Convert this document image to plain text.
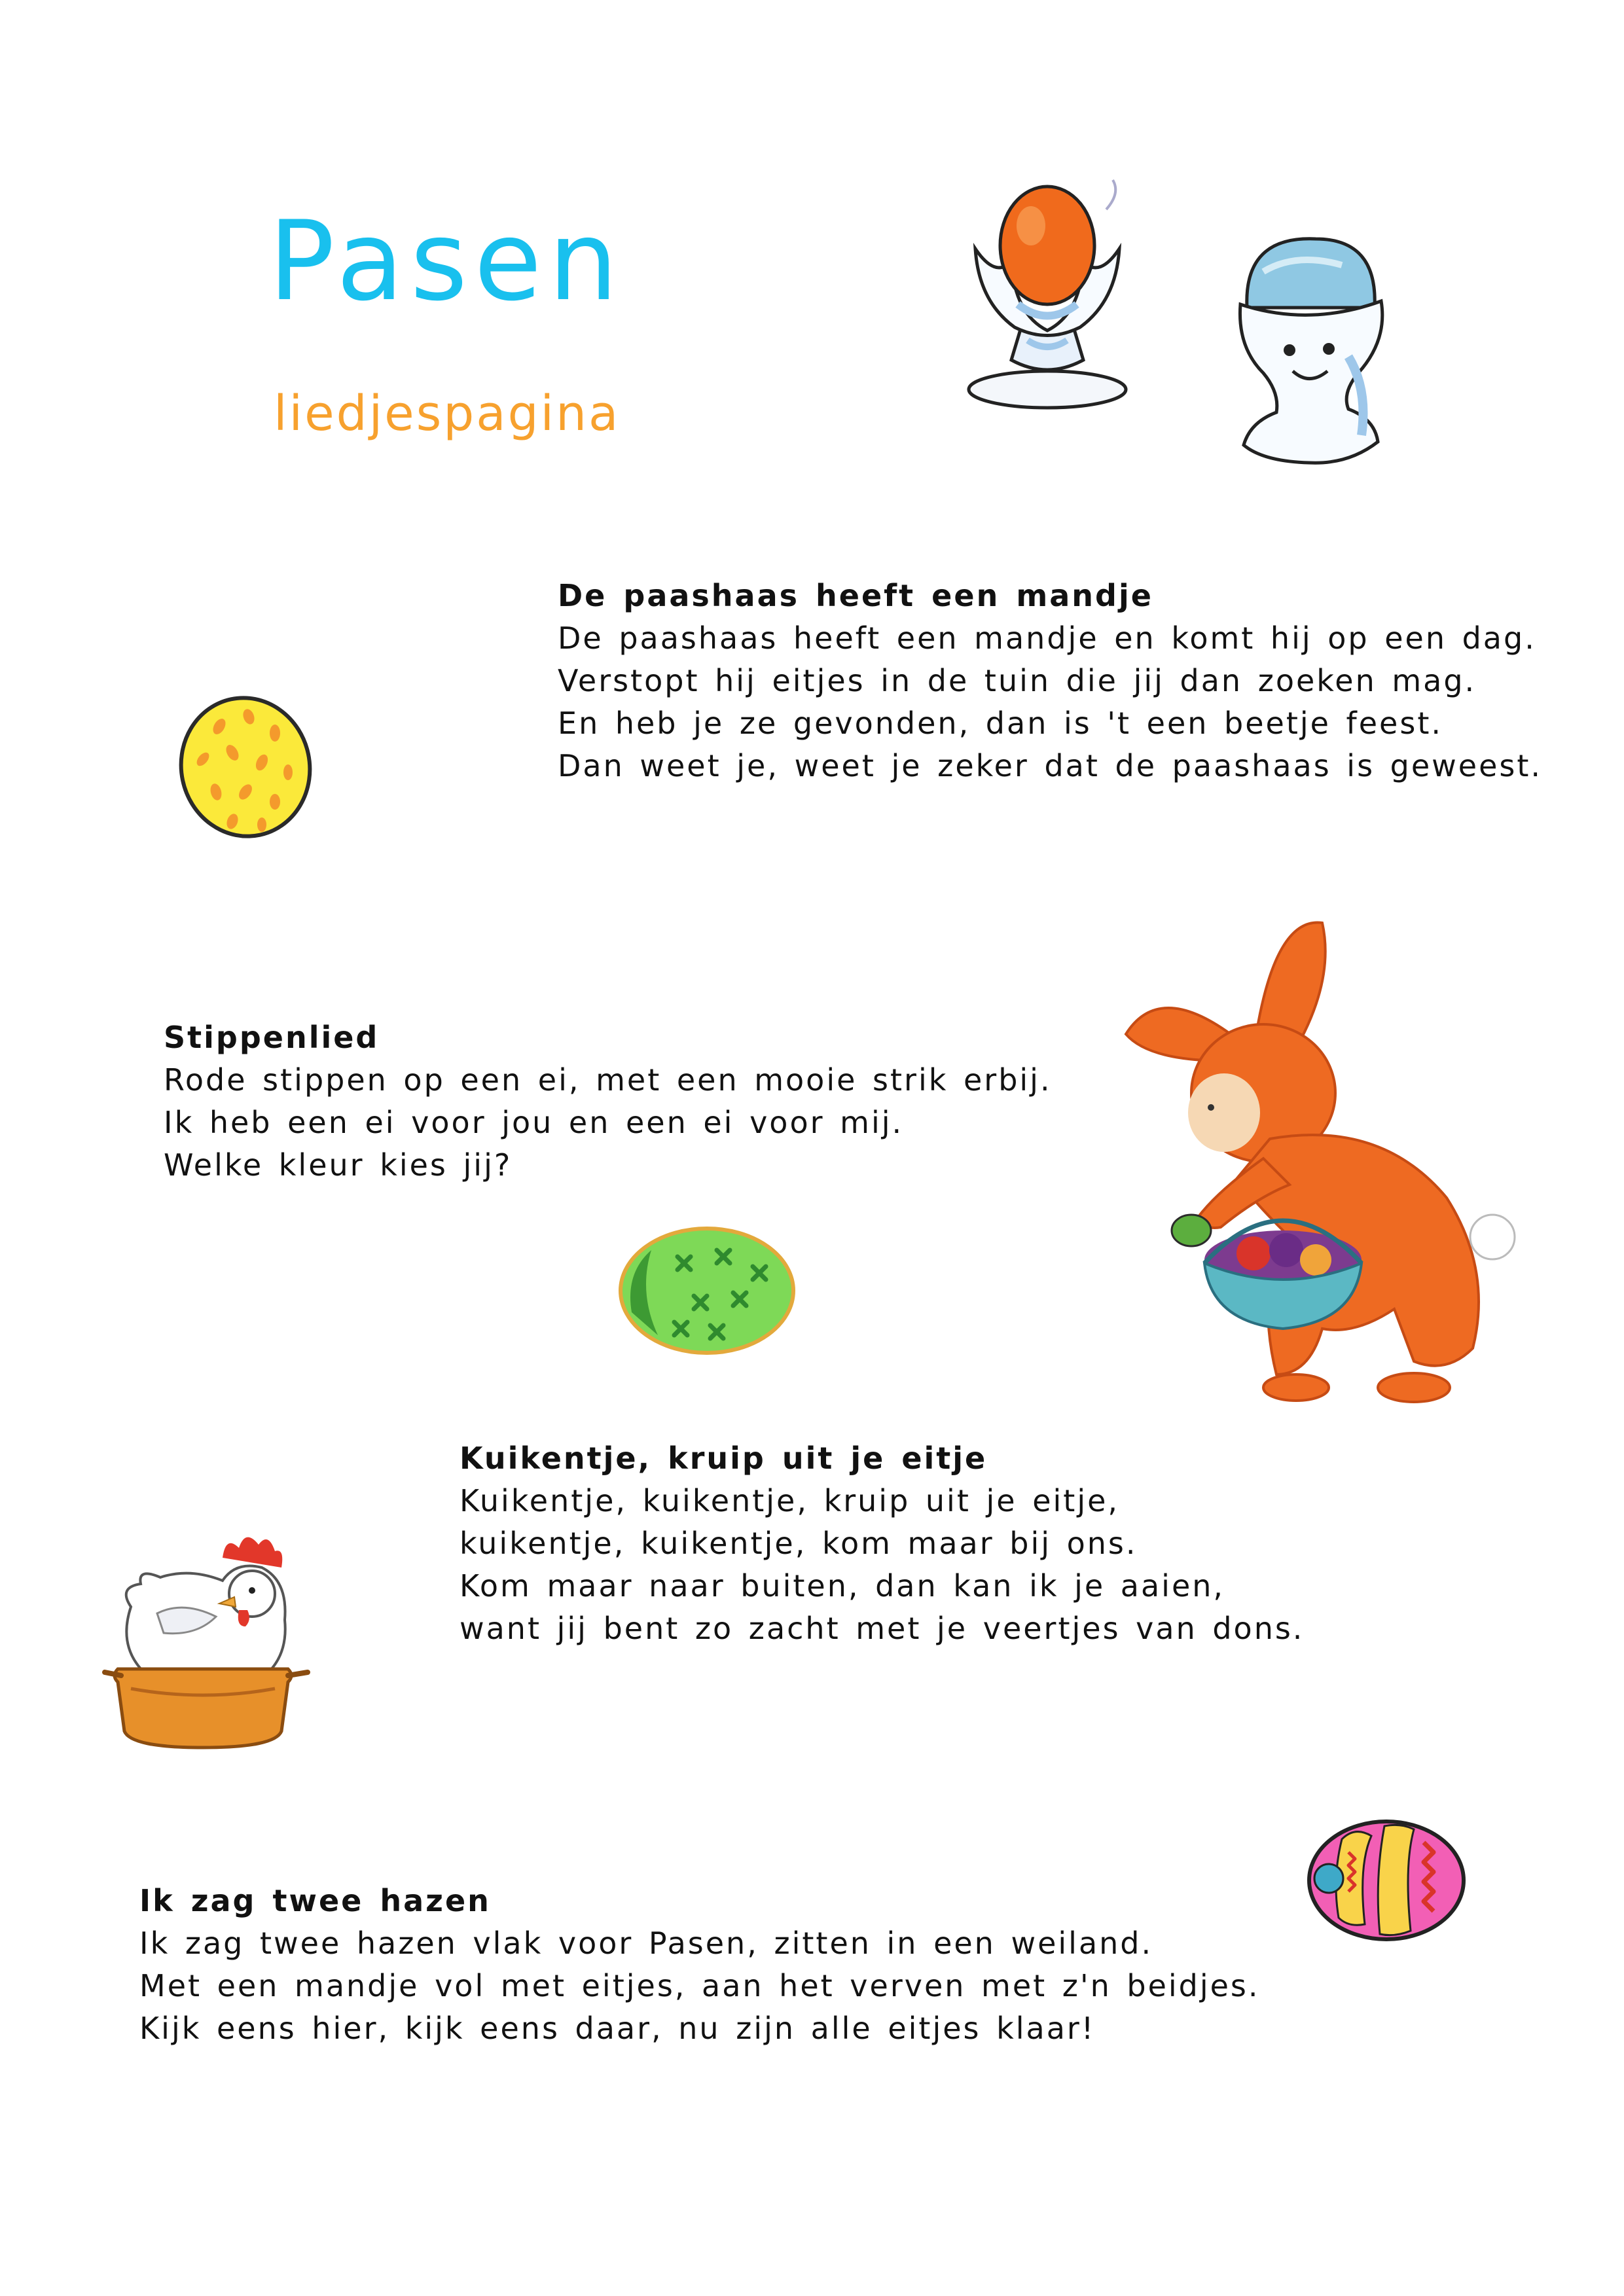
Pasen
liedjespagina
De paashaas heeft een mandje
De paashaas heeft een mandje en komt hij op een dag.
Verstopt hij eitjes in de tuin die jij dan zoeken mag.
En heb je ze gevonden, dan is 't een beetje feest.
Dan weet je, weet je zeker dat de paashaas is geweest.
Stippenlied
Rode stippen op een ei, met een mooie strik erbij.
Ik heb een ei voor jou en een ei voor mij.
Welke kleur kies jij?
Kuikentje, kruip uit je eitje
Kuikentje, kuikentje, kruip uit je eitje,
kuikentje, kuikentje, kom maar bij ons.
Kom maar naar buiten, dan kan ik je aaien,
want jij bent zo zacht met je veertjes van dons.
Ik zag twee hazen
Ik zag twee hazen vlak voor Pasen, zitten in een weiland.
Met een mandje vol met eitjes, aan het verven met z'n beidjes.
Kijk eens hier, kijk eens daar, nu zijn alle eitjes klaar!
